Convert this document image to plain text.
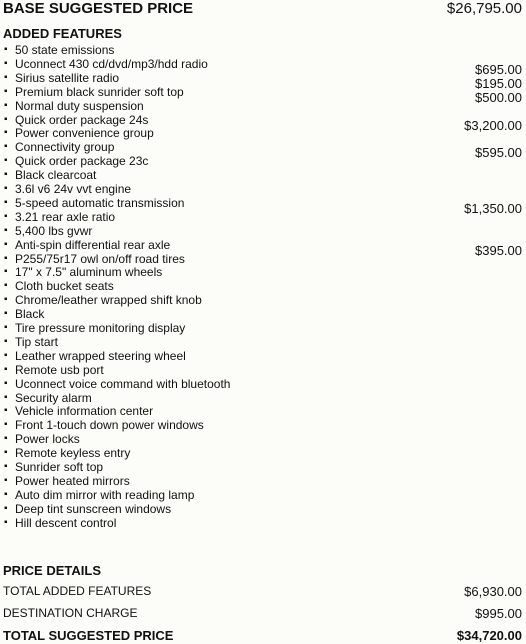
BASE SUGGESTED PRICE	$26,795.00
ADDED FEATURES
▪ 50 state emissions
▪ Uconnect 430 cd/dvd/mp3/hdd radio	$695.00
▪ Sirius satellite radio	$195.00
▪ Premium black sunrider soft top	$500.00
▪ Normal duty suspension
▪ Quick order package 24s	$3,200.00
▪ Power convenience group
▪ Connectivity group	$595.00
▪ Quick order package 23c
▪ Black clearcoat
▪ 3.6l v6 24v vvt engine
▪ 5-speed automatic transmission	$1,350.00
▪ 3.21 rear axle ratio
▪ 5,400 lbs gvwr
▪ Anti-spin differential rear axle	$395.00
▪ P255/75r17 owl on/off road tires
▪ 17" x 7.5" aluminum wheels
▪ Cloth bucket seats
▪ Chrome/leather wrapped shift knob
▪ Black
▪ Tire pressure monitoring display
▪ Tip start
▪ Leather wrapped steering wheel
▪ Remote usb port
▪ Uconnect voice command with bluetooth
▪ Security alarm
▪ Vehicle information center
▪ Front 1-touch down power windows
▪ Power locks
▪ Remote keyless entry
▪ Sunrider soft top
▪ Power heated mirrors
▪ Auto dim mirror with reading lamp
▪ Deep tint sunscreen windows
▪ Hill descent control
PRICE DETAILS
TOTAL ADDED FEATURES	$6,930.00
DESTINATION CHARGE	$995.00
TOTAL SUGGESTED PRICE	$34,720.00
